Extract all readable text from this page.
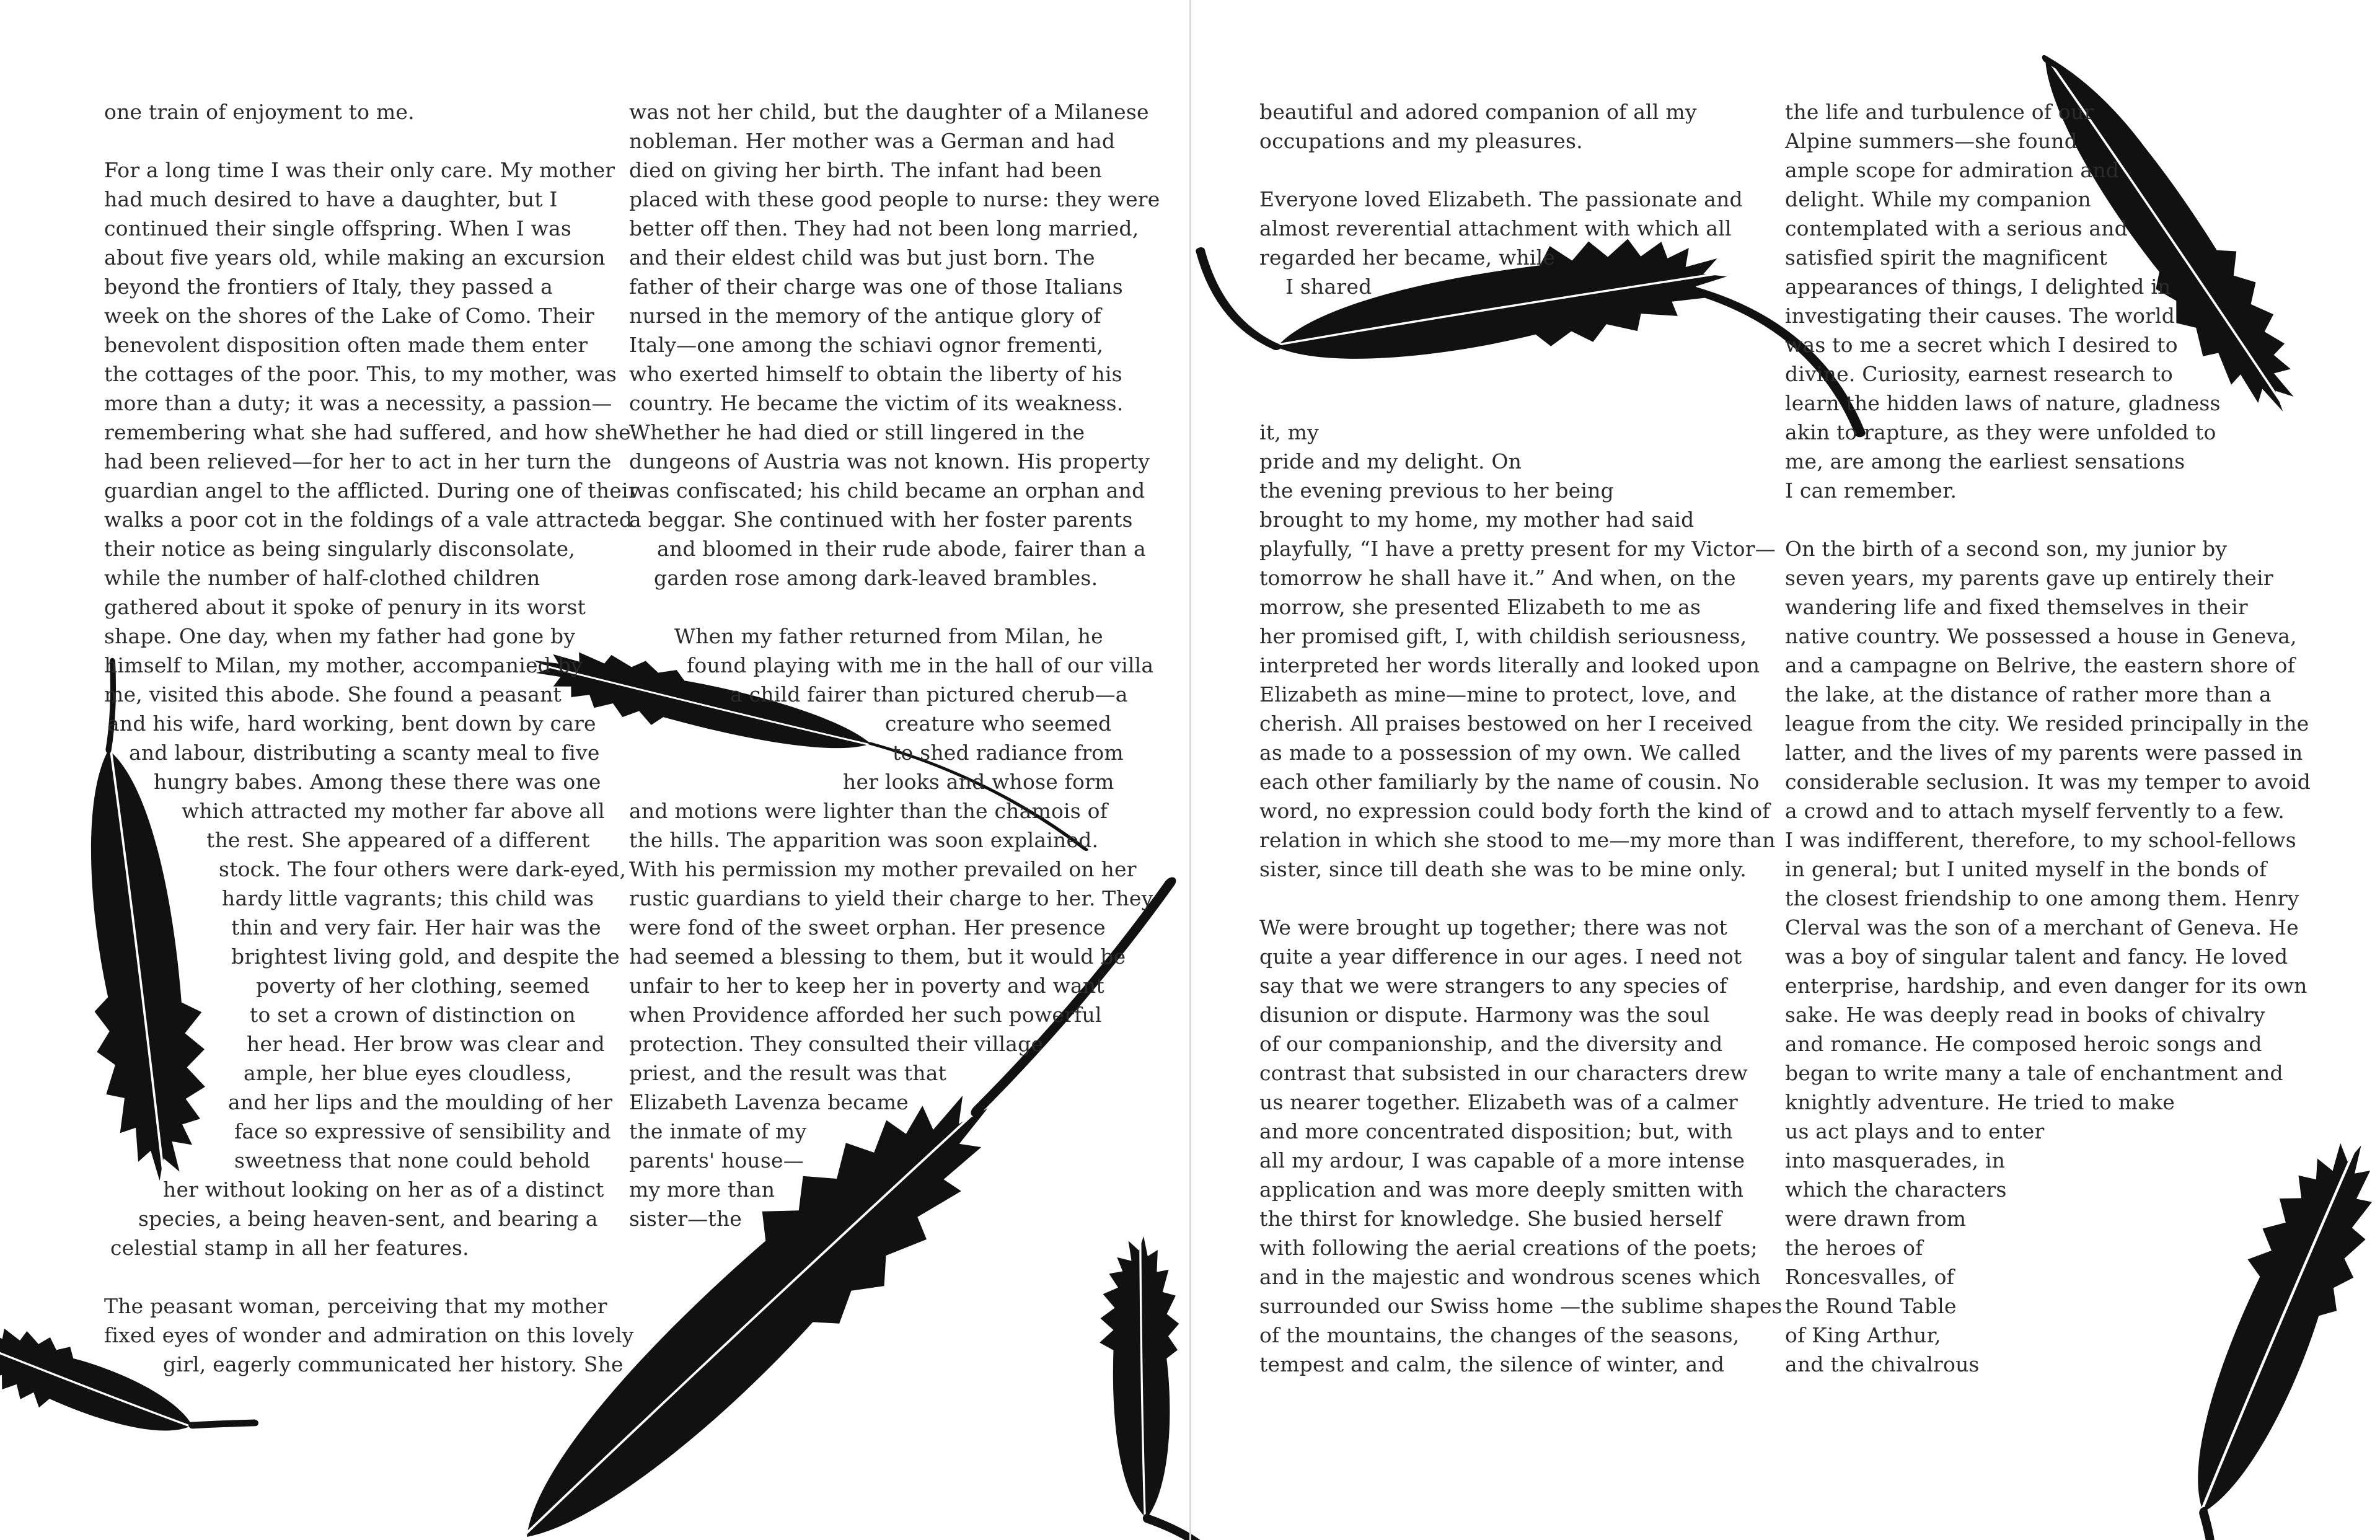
one train of enjoyment to me.

For a long time I was their only care. My mother
had much desired to have a daughter, but I
continued their single offspring. When I was
about five years old, while making an excursion
beyond the frontiers of Italy, they passed a
week on the shores of the Lake of Como. Their
benevolent disposition often made them enter
the cottages of the poor. This, to my mother, was
more than a duty; it was a necessity, a passion—
remembering what she had suffered, and how she
had been relieved—for her to act in her turn the
guardian angel to the afflicted. During one of their
walks a poor cot in the foldings of a vale attracted
their notice as being singularly disconsolate,
while the number of half-clothed children
gathered about it spoke of penury in its worst
shape. One day, when my father had gone by
himself to Milan, my mother, accompanied by
me, visited this abode. She found a peasant
and his wife, hard working, bent down by care
and labour, distributing a scanty meal to five
hungry babes. Among these there was one
which attracted my mother far above all
the rest. She appeared of a different
stock. The four others were dark-eyed,
hardy little vagrants; this child was
thin and very fair. Her hair was the
brightest living gold, and despite the
poverty of her clothing, seemed
to set a crown of distinction on
her head. Her brow was clear and
ample, her blue eyes cloudless,
and her lips and the moulding of her
face so expressive of sensibility and
sweetness that none could behold
her without looking on her as of a distinct
species, a being heaven-sent, and bearing a
celestial stamp in all her features.

The peasant woman, perceiving that my mother
fixed eyes of wonder and admiration on this lovely
girl, eagerly communicated her history. She

was not her child, but the daughter of a Milanese
nobleman. Her mother was a German and had
died on giving her birth. The infant had been
placed with these good people to nurse: they were
better off then. They had not been long married,
and their eldest child was but just born. The
father of their charge was one of those Italians
nursed in the memory of the antique glory of
Italy—one among the schiavi ognor frementi,
who exerted himself to obtain the liberty of his
country. He became the victim of its weakness.
Whether he had died or still lingered in the
dungeons of Austria was not known. His property
was confiscated; his child became an orphan and
a beggar. She continued with her foster parents
and bloomed in their rude abode, fairer than a
garden rose among dark-leaved brambles.

When my father returned from Milan, he
found playing with me in the hall of our villa
a child fairer than pictured cherub—a
creature who seemed
to shed radiance from
her looks and whose form
and motions were lighter than the chamois of
the hills. The apparition was soon explained.
With his permission my mother prevailed on her
rustic guardians to yield their charge to her. They
were fond of the sweet orphan. Her presence
had seemed a blessing to them, but it would be
unfair to her to keep her in poverty and want
when Providence afforded her such powerful
protection. They consulted their village
priest, and the result was that
Elizabeth Lavenza became
the inmate of my
parents' house—
my more than
sister—the

beautiful and adored companion of all my
occupations and my pleasures.

Everyone loved Elizabeth. The passionate and
almost reverential attachment with which all
regarded her became, while
I shared

it, my
pride and my delight. On
the evening previous to her being
brought to my home, my mother had said
playfully, “I have a pretty present for my Victor—
tomorrow he shall have it.” And when, on the
morrow, she presented Elizabeth to me as
her promised gift, I, with childish seriousness,
interpreted her words literally and looked upon
Elizabeth as mine—mine to protect, love, and
cherish. All praises bestowed on her I received
as made to a possession of my own. We called
each other familiarly by the name of cousin. No
word, no expression could body forth the kind of
relation in which she stood to me—my more than
sister, since till death she was to be mine only.

We were brought up together; there was not
quite a year difference in our ages. I need not
say that we were strangers to any species of
disunion or dispute. Harmony was the soul
of our companionship, and the diversity and
contrast that subsisted in our characters drew
us nearer together. Elizabeth was of a calmer
and more concentrated disposition; but, with
all my ardour, I was capable of a more intense
application and was more deeply smitten with
the thirst for knowledge. She busied herself
with following the aerial creations of the poets;
and in the majestic and wondrous scenes which
surrounded our Swiss home —the sublime shapes
of the mountains, the changes of the seasons,
tempest and calm, the silence of winter, and

the life and turbulence of our
Alpine summers—she found
ample scope for admiration and
delight. While my companion
contemplated with a serious and
satisfied spirit the magnificent
appearances of things, I delighted in
investigating their causes. The world
was to me a secret which I desired to
divine. Curiosity, earnest research to
learn the hidden laws of nature, gladness
akin to rapture, as they were unfolded to
me, are among the earliest sensations
I can remember.

On the birth of a second son, my junior by
seven years, my parents gave up entirely their
wandering life and fixed themselves in their
native country. We possessed a house in Geneva,
and a campagne on Belrive, the eastern shore of
the lake, at the distance of rather more than a
league from the city. We resided principally in the
latter, and the lives of my parents were passed in
considerable seclusion. It was my temper to avoid
a crowd and to attach myself fervently to a few.
I was indifferent, therefore, to my school-fellows
in general; but I united myself in the bonds of
the closest friendship to one among them. Henry
Clerval was the son of a merchant of Geneva. He
was a boy of singular talent and fancy. He loved
enterprise, hardship, and even danger for its own
sake. He was deeply read in books of chivalry
and romance. He composed heroic songs and
began to write many a tale of enchantment and
knightly adventure. He tried to make
us act plays and to enter
into masquerades, in
which the characters
were drawn from
the heroes of
Roncesvalles, of
the Round Table
of King Arthur,
and the chivalrous
